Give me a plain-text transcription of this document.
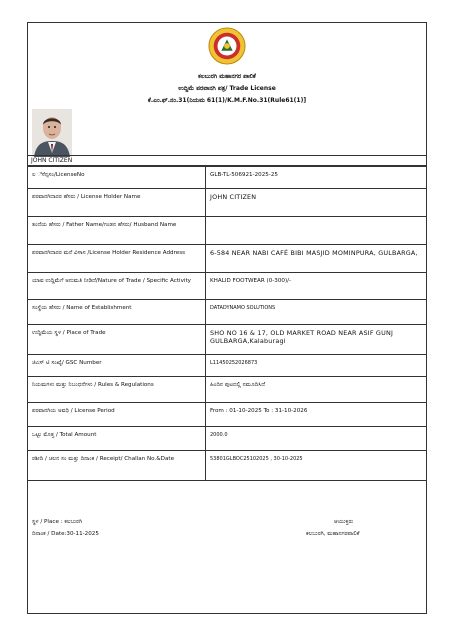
ಕಲಬುರಗಿ ಮಹಾನಗರ ಪಾಲಿಕೆ
ಉದ್ದಿಮೆ ಪರವಾನಗಿ ಪತ್ರ/ Trade License
ಕೆ.ಎಂ.ಫ್‌.ನಂ.31(ನಿಯಮ 61(1)/K.M.F.No.31(Rule61(1)]
JOHN CITIZEN
ಲ ೆಸೆನ್ಸಸಂ/LicenseNo	GLB-TL-506921-2025-25
ಪರವಾನಗಿದಾರರ ಹೆಸರು / License Holder Name	JOHN CITIZEN
ತಂದೆಯ ಹೆಸರು / Father Name/ಗಂಡನ ಹೆಸರು/ Husband Name	
ಪರವಾನಗಿದಾರರ ಮನೆ ವಿಳಾಸ /License Holder Residence Address	6-584 NEAR NABI CAFÉ BIBI MASJID MOMINPURA, GULBARGA,
ಯಾವ ಉದ್ದಿಮೆಗೆ ಅನುಮತಿ ನೀಡಿದೆ/Nature of Trade / Specific Activity	KHALID FOOTWEAR (0-300)/-
ಸಂಸ್ಥೆಯ ಹೆಸರು / Name of Establishment	DATADYNAMO SOLUTIONS
ಉದ್ದಿಮೆಯ ಸ್ಥಳ / Place of Trade	SHO NO 16 & 17, OLD MARKET ROAD NEAR ASIF GUNJ GULBARGA,Kalaburagi
ಜಿಎಸ್ ಟಿ ಸಂಖ್ಯೆ/ GSC Number	L11450252026873
ನಿಯಮಗಳು ಮತ್ತು ನಿಬಂಧನೆಗಳು / Rules & Regulations	ಹಿಂದಿನ ಪುಟದಲ್ಲಿ ನಮೂದಿಸಿದೆ
ಪರವಾನಗಿಯ ಅವಧಿ / License Period	From : 01-10-2025 To : 31-10-2026
ಒಟ್ಟು ಮೊತ್ತ / Total Amount	2000.0
ರಶೀದಿ / ಚಲನ ಸಂ ಮತ್ತು ದಿನಾಂಕ / Receipt/ Challan No.&Date	53801GLBOC25102025 , 30-10-2025
ಸ್ಥಳ / Place : ಕಲಬುರಗಿ
ದಿನಾಂಕ / Date:30-11-2025
ಆಯುಕ್ತರು
ಕಲಬುರಗಿ, ಮಹಾನಗರಪಾಲಿಕೆ
